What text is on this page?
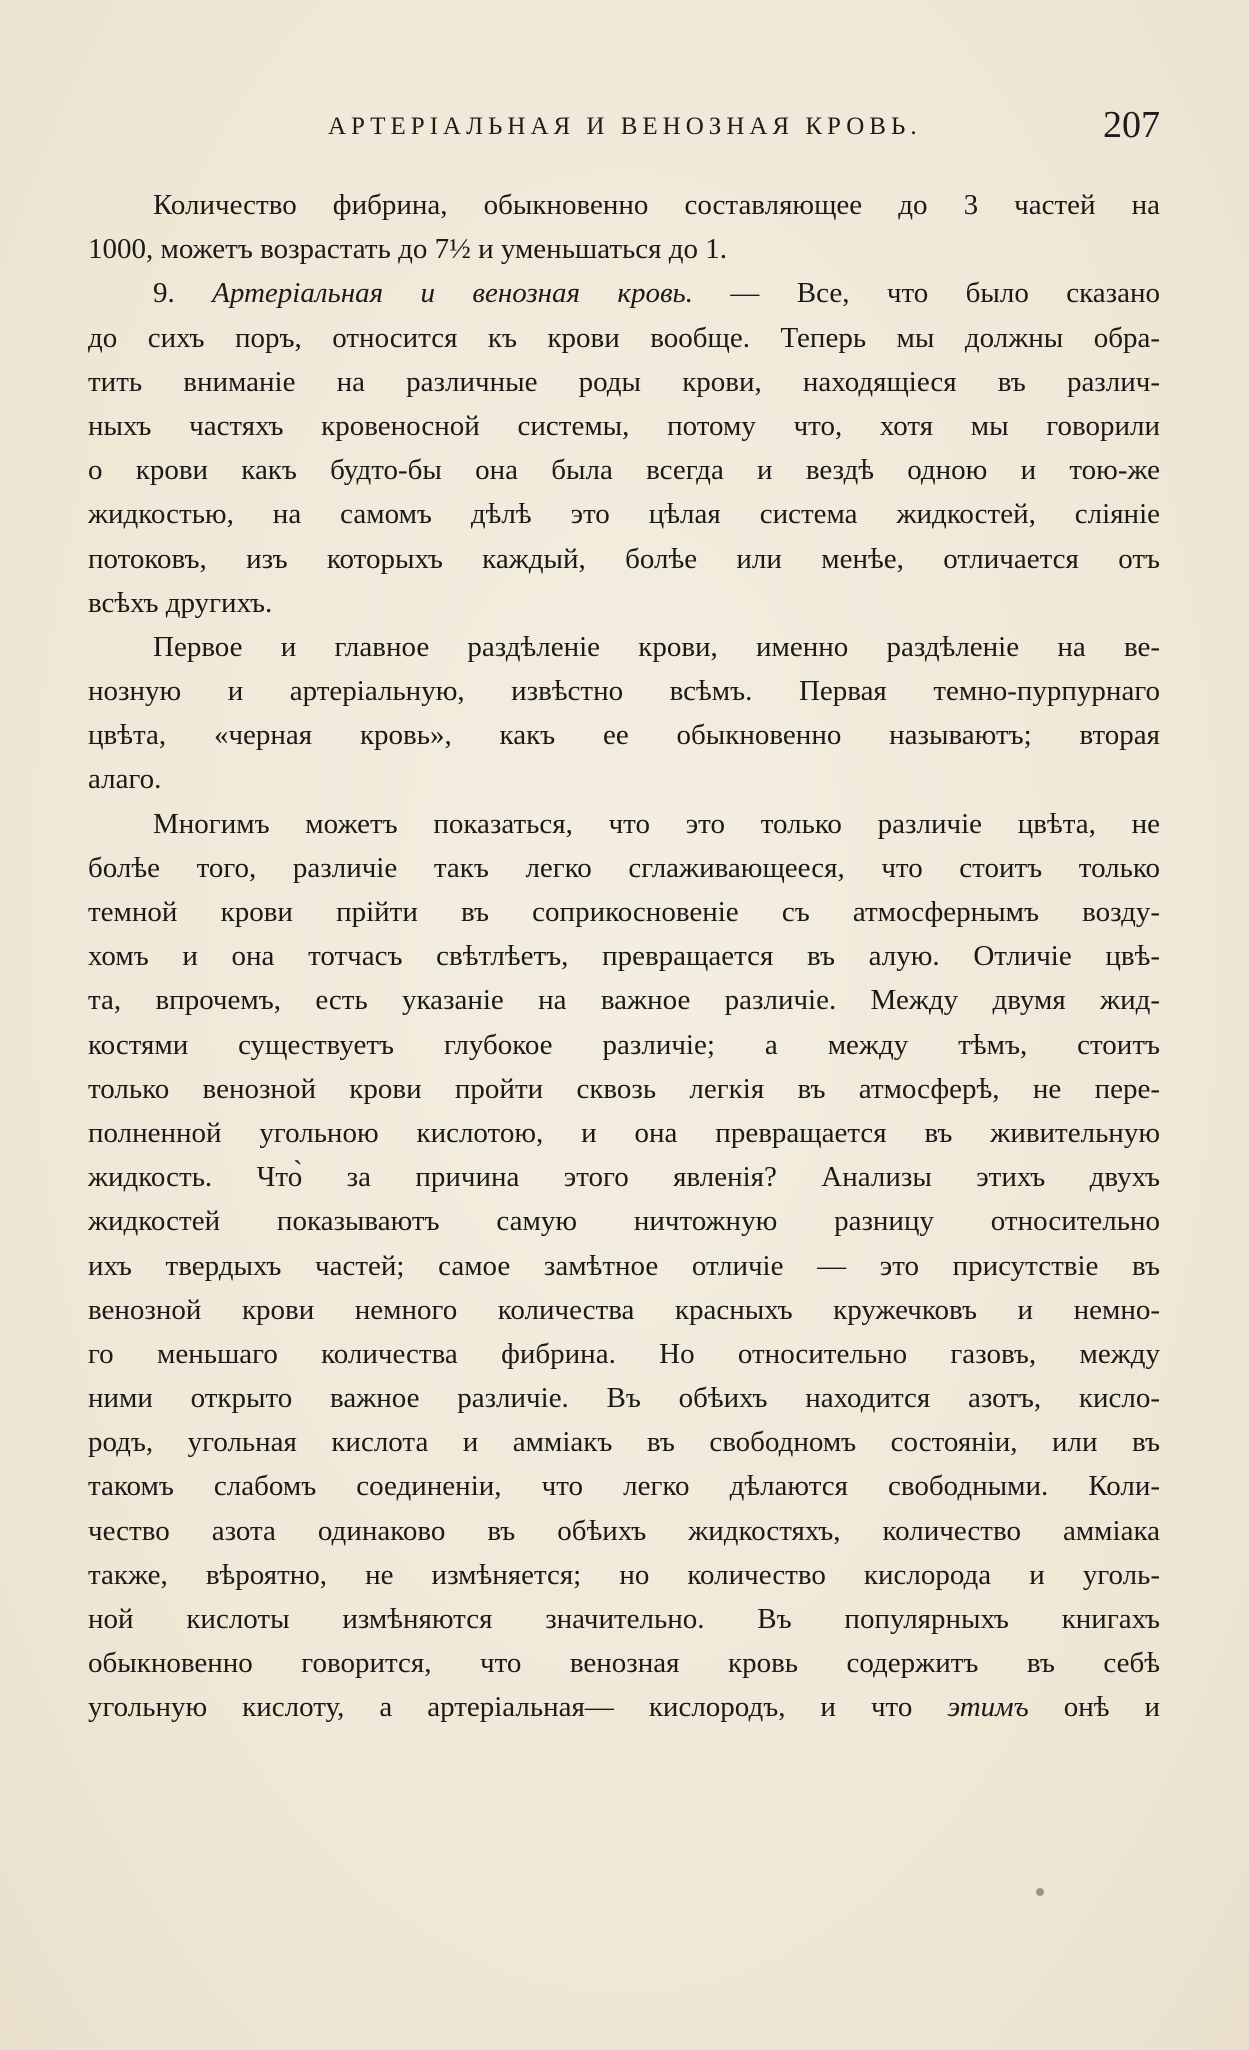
АРТЕРІАЛЬНАЯ И ВЕНОЗНАЯ КРОВЬ.	207
Количество фибрина, обыкновенно составляющее до 3 частей на
1000, можетъ возрастать до 7½ и уменьшаться до 1.
9. Артеріальная и венозная кровь. — Все, что было сказано
до сихъ поръ, относится къ крови вообще. Теперь мы должны обра-
тить вниманіе на различные роды крови, находящіеся въ различ-
ныхъ частяхъ кровеносной системы, потому что, хотя мы говорили
о крови какъ будто-бы она была всегда и вездѣ одною и тою-же
жидкостью, на самомъ дѣлѣ это цѣлая система жидкостей, сліяніе
потоковъ, изъ которыхъ каждый, болѣе или менѣе, отличается отъ
всѣхъ другихъ.
Первое и главное раздѣленіе крови, именно раздѣленіе на ве-
нозную и артеріальную, извѣстно всѣмъ. Первая темно-пурпурнаго
цвѣта, «черная кровь», какъ ее обыкновенно называютъ; вторая
алаго.
Многимъ можетъ показаться, что это только различіе цвѣта, не
болѣе того, различіе такъ легко сглаживающееся, что стоитъ только
темной крови прійти въ соприкосновеніе съ атмосфернымъ возду-
хомъ и она тотчасъ свѣтлѣетъ, превращается въ алую. Отличіе цвѣ-
та, впрочемъ, есть указаніе на важное различіе. Между двумя жид-
костями существуетъ глубокое различіе; а между тѣмъ, стоитъ
только венозной крови пройти сквозь легкія въ атмосферѣ, не пере-
полненной угольною кислотою, и она превращается въ живительную
жидкость. Что̀ за причина этого явленія? Анализы этихъ двухъ
жидкостей показываютъ самую ничтожную разницу относительно
ихъ твердыхъ частей; самое замѣтное отличіе — это присутствіе въ
венозной крови немного количества красныхъ кружечковъ и немно-
го меньшаго количества фибрина. Но относительно газовъ, между
ними открыто важное различіе. Въ обѣихъ находится азотъ, кисло-
родъ, угольная кислота и амміакъ въ свободномъ состояніи, или въ
такомъ слабомъ соединеніи, что легко дѣлаются свободными. Коли-
чество азота одинаково въ обѣихъ жидкостяхъ, количество амміака
также, вѣроятно, не измѣняется; но количество кислорода и уголь-
ной кислоты измѣняются значительно. Въ популярныхъ книгахъ
обыкновенно говорится, что венозная кровь содержитъ въ себѣ
угольную кислоту, а артеріальная— кислородъ, и что этимъ онѣ и
